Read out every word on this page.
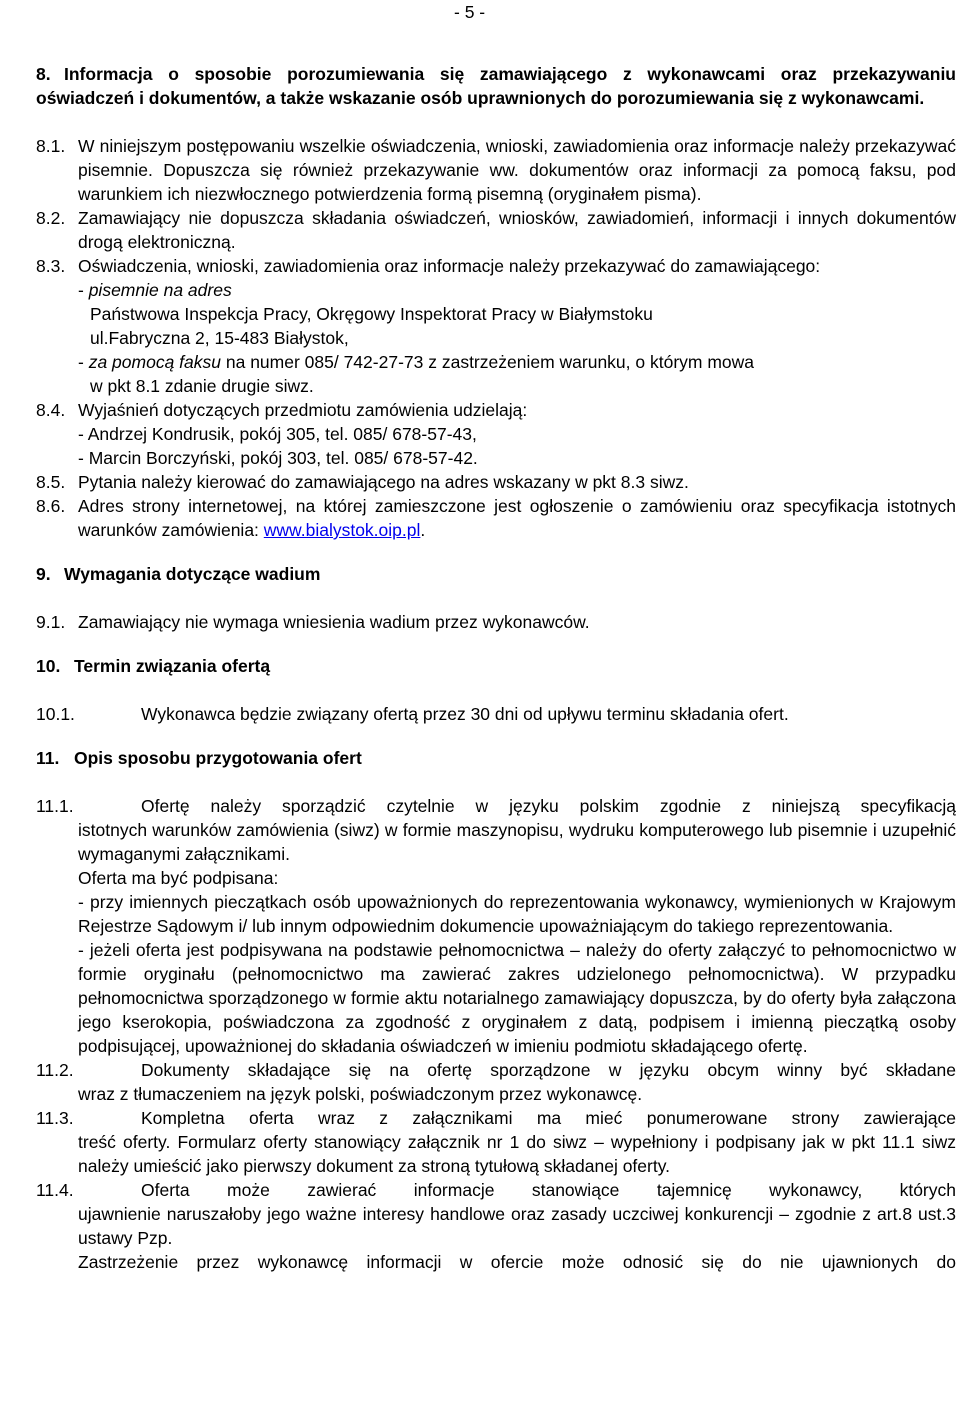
- 5 -
8. Informacja o sposobie porozumiewania się zamawiającego z wykonawcami oraz przekazywaniu oświadczeń i dokumentów, a także wskazanie osób uprawnionych do porozumiewania się z wykonawcami.
8.1. W niniejszym postępowaniu wszelkie oświadczenia, wnioski, zawiadomienia oraz informacje należy przekazywać pisemnie. Dopuszcza się również przekazywanie ww. dokumentów oraz informacji za pomocą faksu, pod warunkiem ich niezwłocznego potwierdzenia formą pisemną (oryginałem pisma).
8.2. Zamawiający nie dopuszcza składania oświadczeń, wniosków, zawiadomień, informacji i innych dokumentów drogą elektroniczną.
8.3. Oświadczenia, wnioski, zawiadomienia oraz informacje należy przekazywać do zamawiającego:

- pisemnie na adres

Państwowa Inspekcja Pracy, Okręgowy Inspektorat Pracy w Białymstoku

ul.Fabryczna 2, 15-483 Białystok,

- za pomocą faksu na numer 085/ 742-27-73 z zastrzeżeniem warunku, o którym mowa

w pkt 8.1 zdanie drugie siwz.

8.4. Wyjaśnień dotyczących przedmiotu zamówienia udzielają:

- Andrzej Kondrusik, pokój 305, tel. 085/ 678-57-43,

- Marcin Borczyński, pokój 303, tel. 085/ 678-57-42.

8.5. Pytania należy kierować do zamawiającego na adres wskazany w pkt 8.3 siwz.
8.6. Adres strony internetowej, na której zamieszczone jest ogłoszenie o zamówieniu oraz specyfikacja istotnych warunków zamówienia: www.bialystok.oip.pl.
9. Wymagania dotyczące wadium
9.1. Zamawiający nie wymaga wniesienia wadium przez wykonawców.
10. Termin związania ofertą
10.1.	Wykonawca będzie związany ofertą przez 30 dni od upływu terminu składania ofert.
11. Opis sposobu przygotowania ofert
11.1.	Ofertę należy sporządzić czytelnie w języku polskim zgodnie z niniejszą specyfikacją

istotnych warunków zamówienia (siwz) w formie maszynopisu, wydruku komputerowego lub pisemnie i uzupełnić wymaganymi załącznikami.

Oferta ma być podpisana:

- przy imiennych pieczątkach osób upoważnionych do reprezentowania wykonawcy, wymienionych w Krajowym Rejestrze Sądowym i/ lub innym odpowiednim dokumencie upoważniającym do takiego reprezentowania.

- jeżeli oferta jest podpisywana na podstawie pełnomocnictwa – należy do oferty załączyć to pełnomocnictwo w formie oryginału (pełnomocnictwo ma zawierać zakres udzielonego pełnomocnictwa). W przypadku pełnomocnictwa sporządzonego w formie aktu notarialnego zamawiający dopuszcza, by do oferty była załączona jego kserokopia, poświadczona za zgodność z oryginałem z datą, podpisem i imienną pieczątką osoby podpisującej, upoważnionej do składania oświadczeń w imieniu podmiotu składającego ofertę.

11.2.	Dokumenty składające się na ofertę sporządzone w języku obcym winny być składane
wraz z tłumaczeniem na język polski, poświadczonym przez wykonawcę.
11.3.	Kompletna oferta wraz z załącznikami ma mieć ponumerowane strony zawierające
treść oferty. Formularz oferty stanowiący załącznik nr 1 do siwz – wypełniony i podpisany jak w pkt 11.1 siwz należy umieścić jako pierwszy dokument za stroną tytułową składanej oferty.
11.4.	Oferta może zawierać informacje stanowiące tajemnicę wykonawcy, których
ujawnienie naruszałoby jego ważne interesy handlowe oraz zasady uczciwej konkurencji – zgodnie z art.8 ust.3 ustawy Pzp.
Zastrzeżenie przez wykonawcę informacji w ofercie może odnosić się do nie ujawnionych do
